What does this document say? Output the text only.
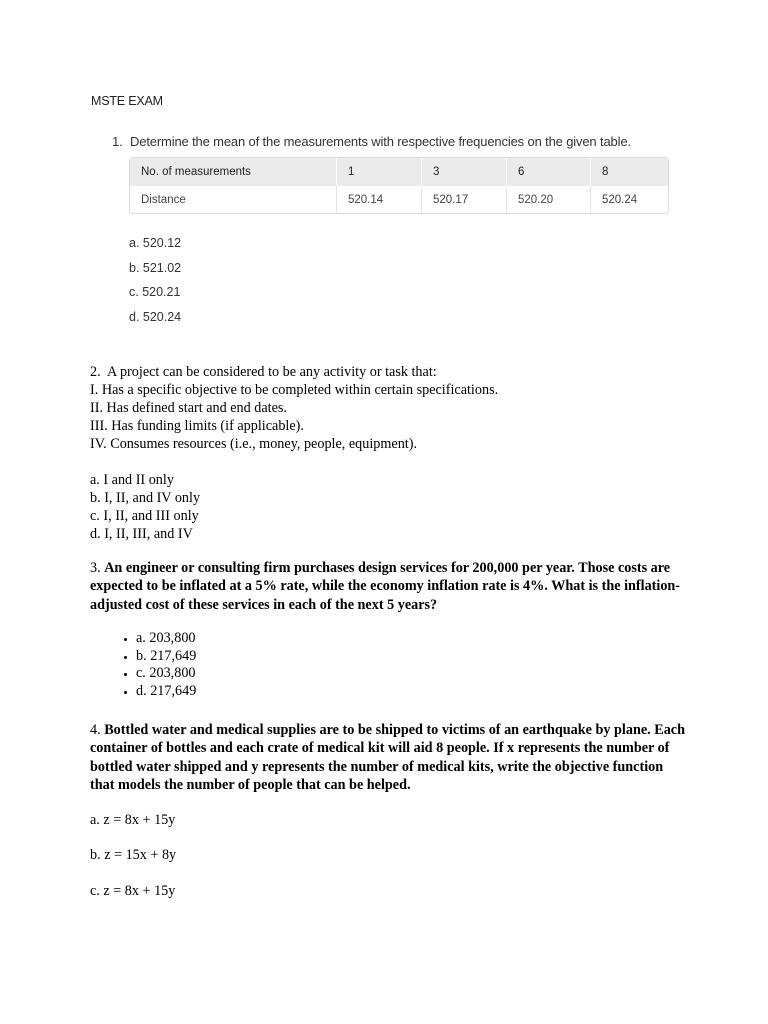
MSTE EXAM
1. Determine the mean of the measurements with respective frequencies on the given table.
No. of measurements	1	3	6	8
Distance	520.14	520.17	520.20	520.24
a. 520.12
b. 521.02
c. 520.21
d. 520.24
2. A project can be considered to be any activity or task that:
I. Has a specific objective to be completed within certain specifications.
II. Has defined start and end dates.
III. Has funding limits (if applicable).
IV. Consumes resources (i.e., money, people, equipment).
a. I and II only
b. I, II, and IV only
c. I, II, and III only
d. I, II, III, and IV
3. An engineer or consulting firm purchases design services for 200,000 per year. Those costs are expected to be inflated at a 5% rate, while the economy inflation rate is 4%. What is the inflation-adjusted cost of these services in each of the next 5 years?
• a. 203,800
• b. 217,649
• c. 203,800
• d. 217,649
4. Bottled water and medical supplies are to be shipped to victims of an earthquake by plane. Each container of bottles and each crate of medical kit will aid 8 people. If x represents the number of bottled water shipped and y represents the number of medical kits, write the objective function that models the number of people that can be helped.
a. z = 8x + 15y
b. z = 15x + 8y
c. z = 8x + 15y
